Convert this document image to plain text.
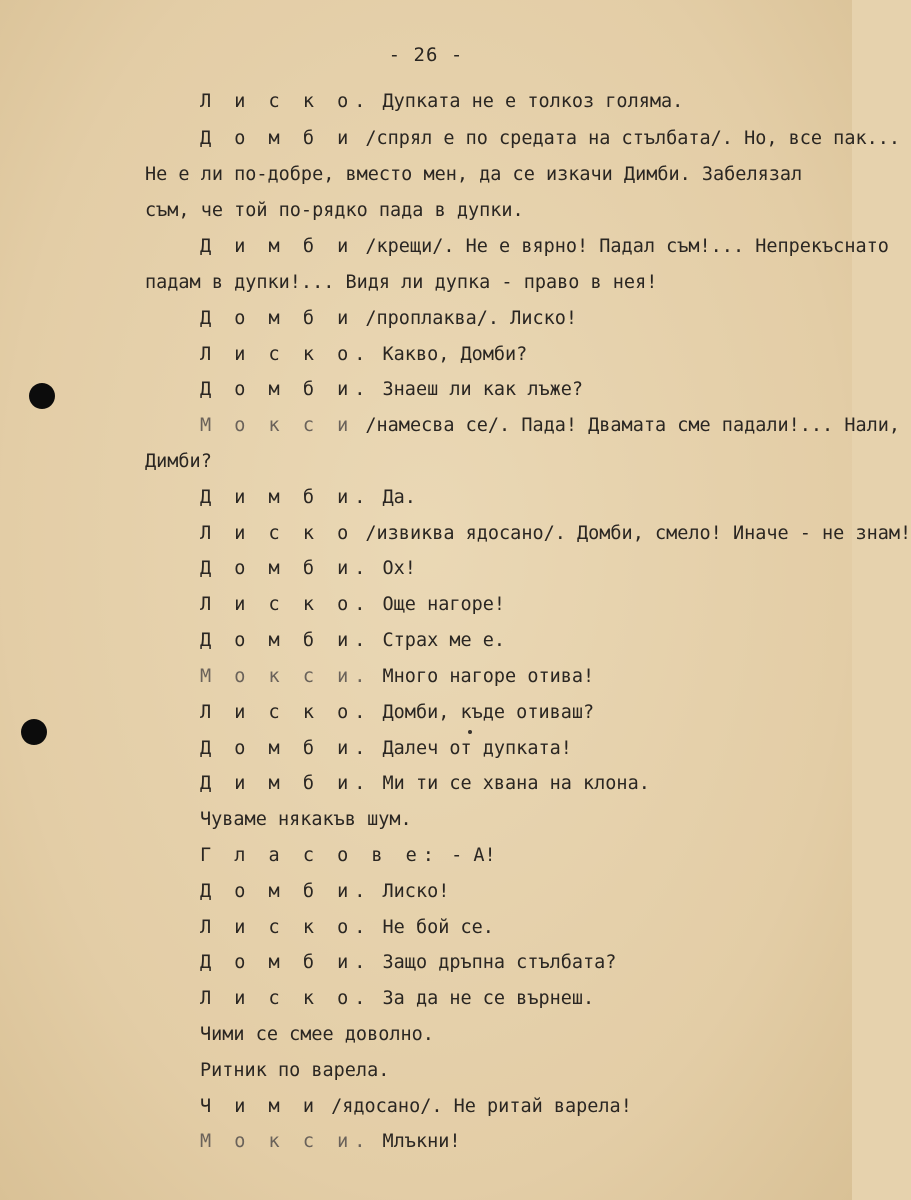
- 26 -
Л и с к о. Дупката не е толкоз голяма.
Д о м б и /спрял е по средата на стълбата/. Но, все пак...
Не е ли по-добре, вместо мен, да се изкачи Димби. Забелязал
съм, че той по-рядко пада в дупки.
Д и м б и /крещи/. Не е вярно! Падал съм!... Непрекъснато
падам в дупки!... Видя ли дупка - право в нея!
Д о м б и /проплаква/. Лиско!
Л и с к о. Какво, Домби?
Д о м б и. Знаеш ли как лъже?
М о к с и /намесва се/. Пада! Двамата сме падали!... Нали,
Димби?
Д и м б и. Да.
Л и с к о /извиква ядосано/. Домби, смело! Иначе - не знам!
Д о м б и. Ох!
Л и с к о. Още нагоре!
Д о м б и. Страх ме е.
М о к с и. Много нагоре отива!
Л и с к о. Домби, къде отиваш?
Д о м б и. Далеч от дупката!
Д и м б и. Ми ти се хвана на клона.
Чуваме някакъв шум.
Г л а с о в е: - А!
Д о м б и. Лиско!
Л и с к о. Не бой се.
Д о м б и. Защо дръпна стълбата?
Л и с к о. За да не се върнеш.
Чими се смее доволно.
Ритник по варела.
Ч и м и /ядосано/. Не ритай варела!
М о к с и. Млъкни!
